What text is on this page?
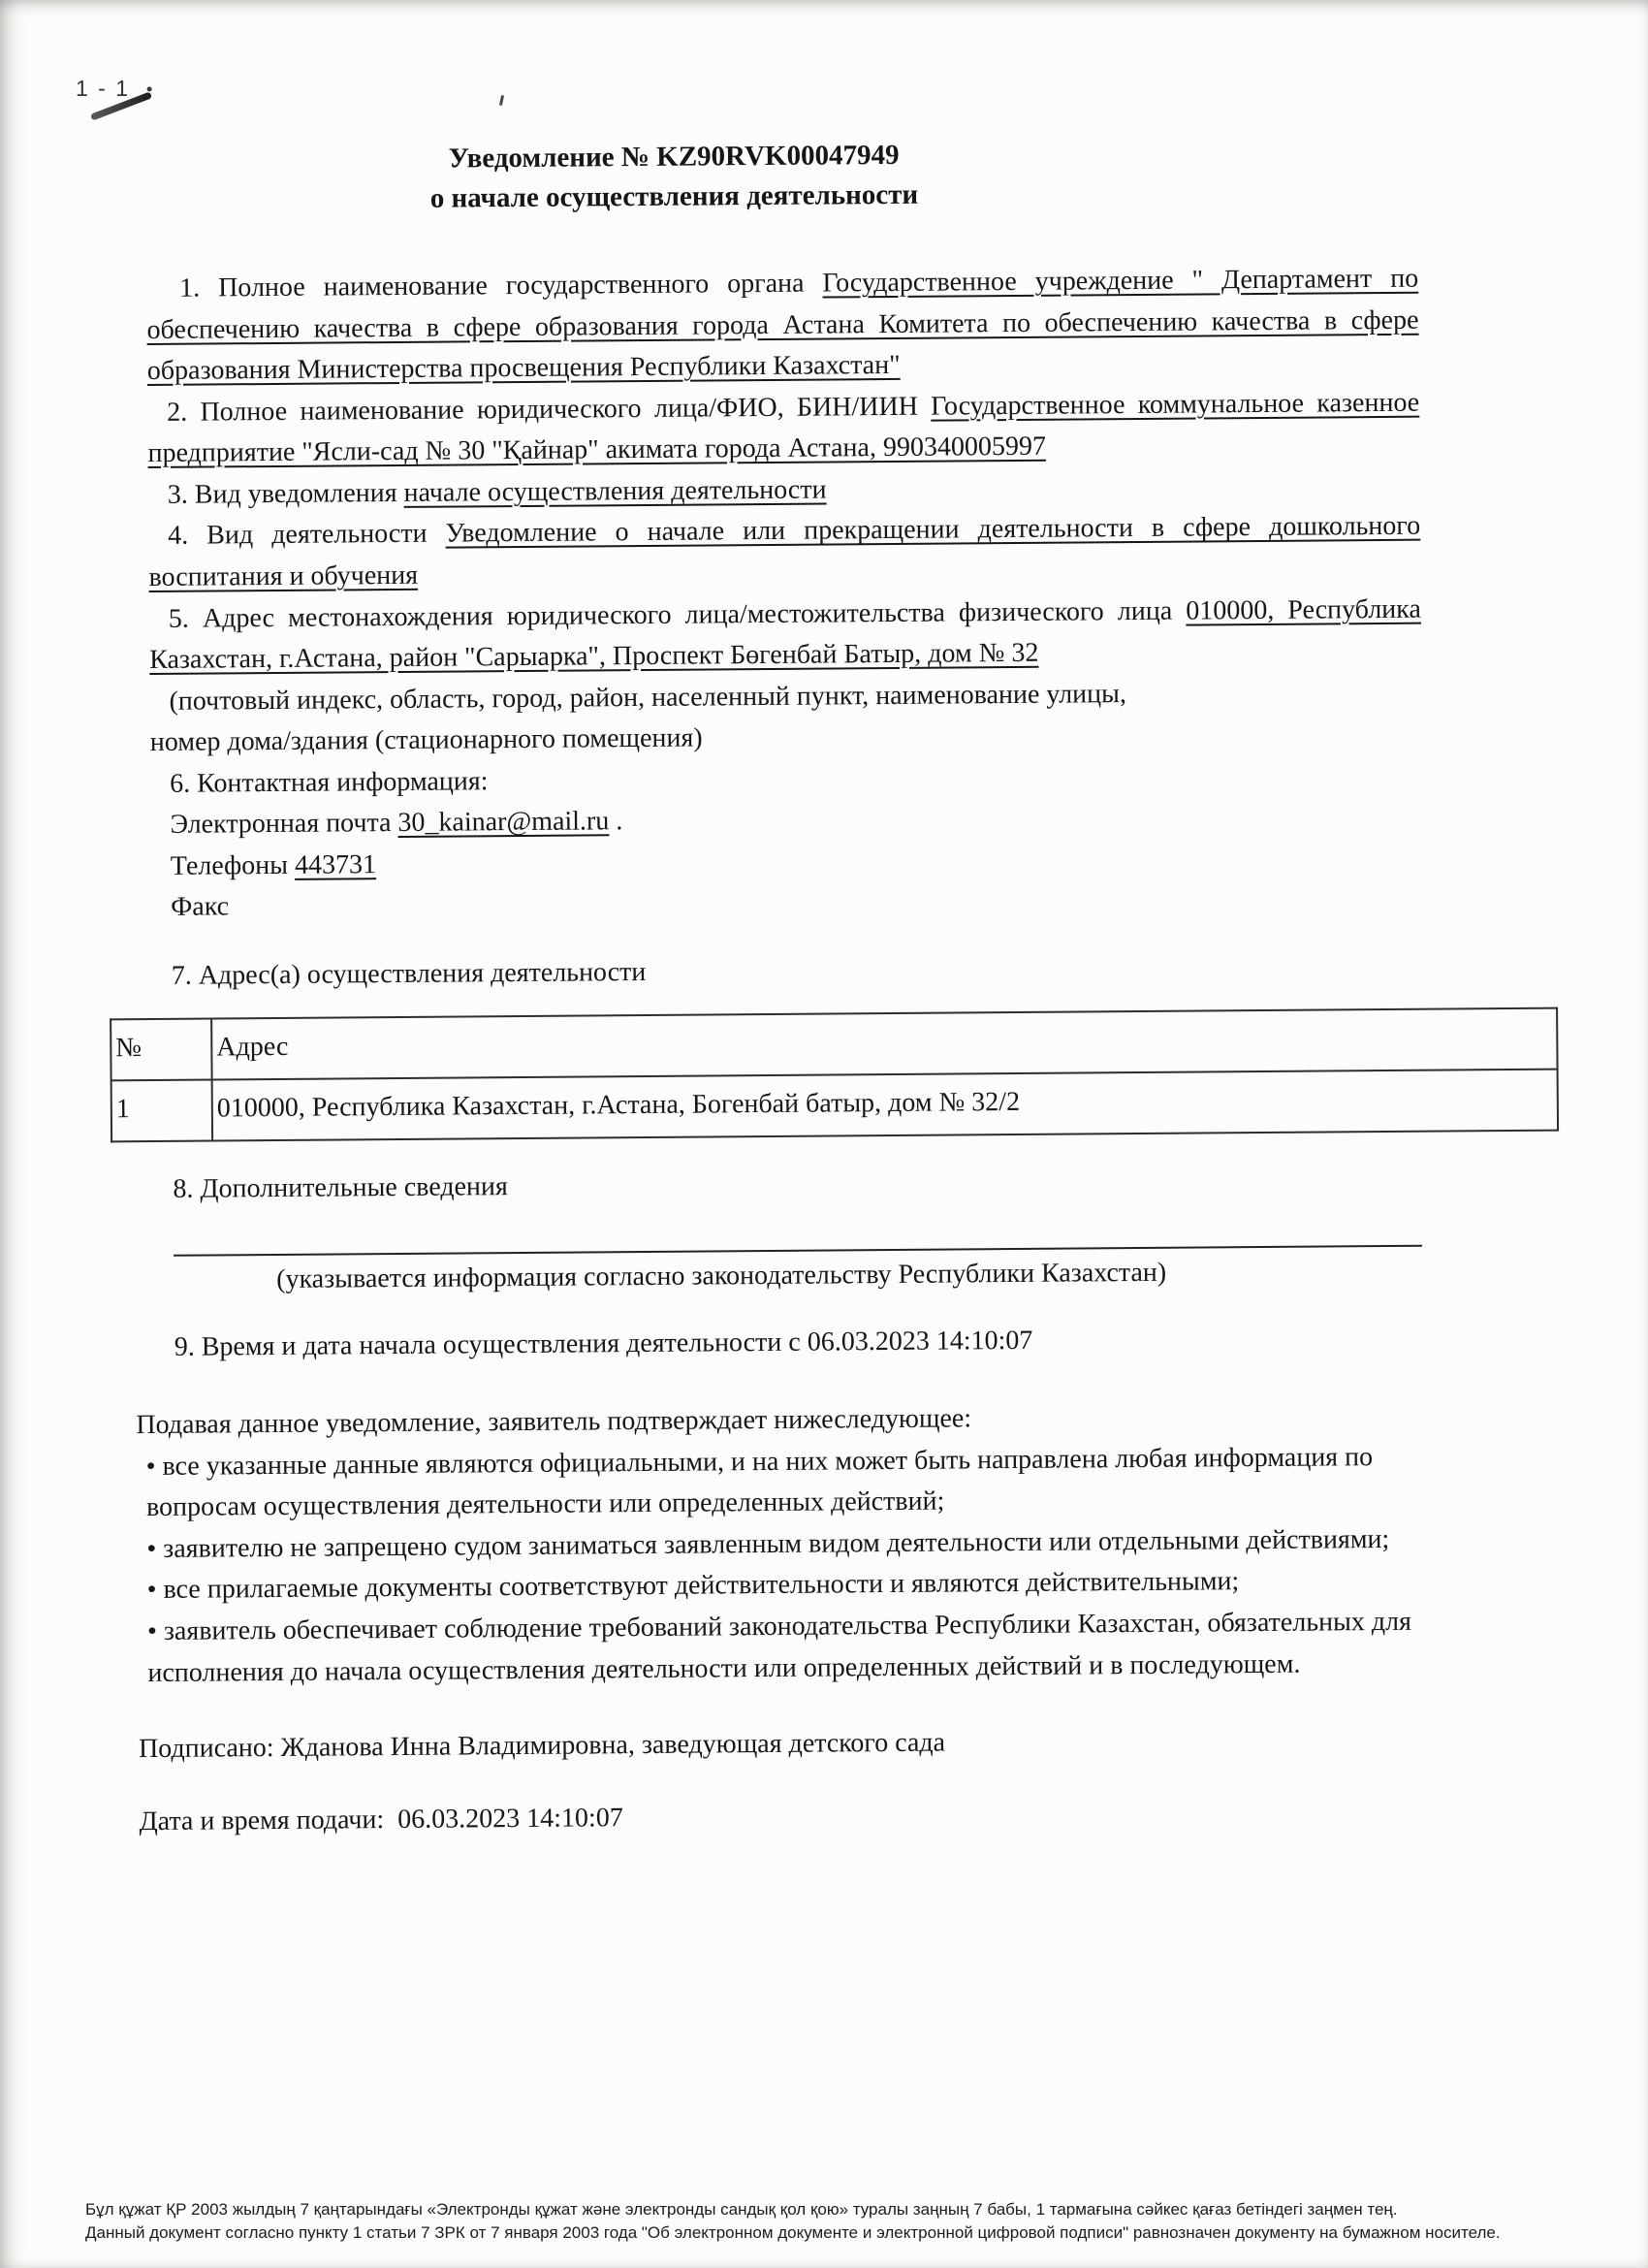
1 - 1
Уведомление № KZ90RVK00047949
о начале осуществления деятельности

1. Полное наименование государственного органа Государственное учреждение " Департамент по обеспечению качества в сфере образования города Астана Комитета по обеспечению качества в сфере образования Министерства просвещения Республики Казахстан"

2. Полное наименование юридического лица/ФИО, БИН/ИИН Государственное коммунальное казенное предприятие "Ясли-сад № 30 "Қайнар" акимата города Астана, 990340005997

3. Вид уведомления начале осуществления деятельности

4. Вид деятельности Уведомление о начале или прекращении деятельности в сфере дошкольного воспитания и обучения

5. Адрес местонахождения юридического лица/местожительства физического лица 010000, Республика Казахстан, г.Астана, район "Сарыарка", Проспект Бөгенбай Батыр, дом № 32

(почтовый индекс, область, город, район, населенный пункт, наименование улицы, номер дома/здания (стационарного помещения)

6. Контактная информация:

Электронная почта 30_kainar@mail.ru .

Телефоны 443731

Факс

7. Адрес(а) осуществления деятельности

№	Адрес
1	010000, Республика Казахстан, г.Астана, Богенбай батыр, дом № 32/2

8. Дополнительные сведения

(указывается информация согласно законодательству Республики Казахстан)

9. Время и дата начала осуществления деятельности с 06.03.2023 14:10:07

Подавая данное уведомление, заявитель подтверждает нижеследующее:

• все указанные данные являются официальными, и на них может быть направлена любая информация по вопросам осуществления деятельности или определенных действий;

• заявителю не запрещено судом заниматься заявленным видом деятельности или отдельными действиями;

• все прилагаемые документы соответствуют действительности и являются действительными;

• заявитель обеспечивает соблюдение требований законодательства Республики Казахстан, обязательных для исполнения до начала осуществления деятельности или определенных действий и в последующем.

Подписано: Жданова Инна Владимировна, заведующая детского сада

Дата и время подачи:  06.03.2023 14:10:07

Бұл құжат ҚР 2003 жылдың 7 қаңтарындағы «Электронды құжат және электронды сандық қол қою» туралы заңның 7 бабы, 1 тармағына сәйкес қағаз бетіндегі заңмен тең.
Данный документ согласно пункту 1 статьи 7 ЗРК от 7 января 2003 года "Об электронном документе и электронной цифровой подписи" равнозначен документу на бумажном носителе.
